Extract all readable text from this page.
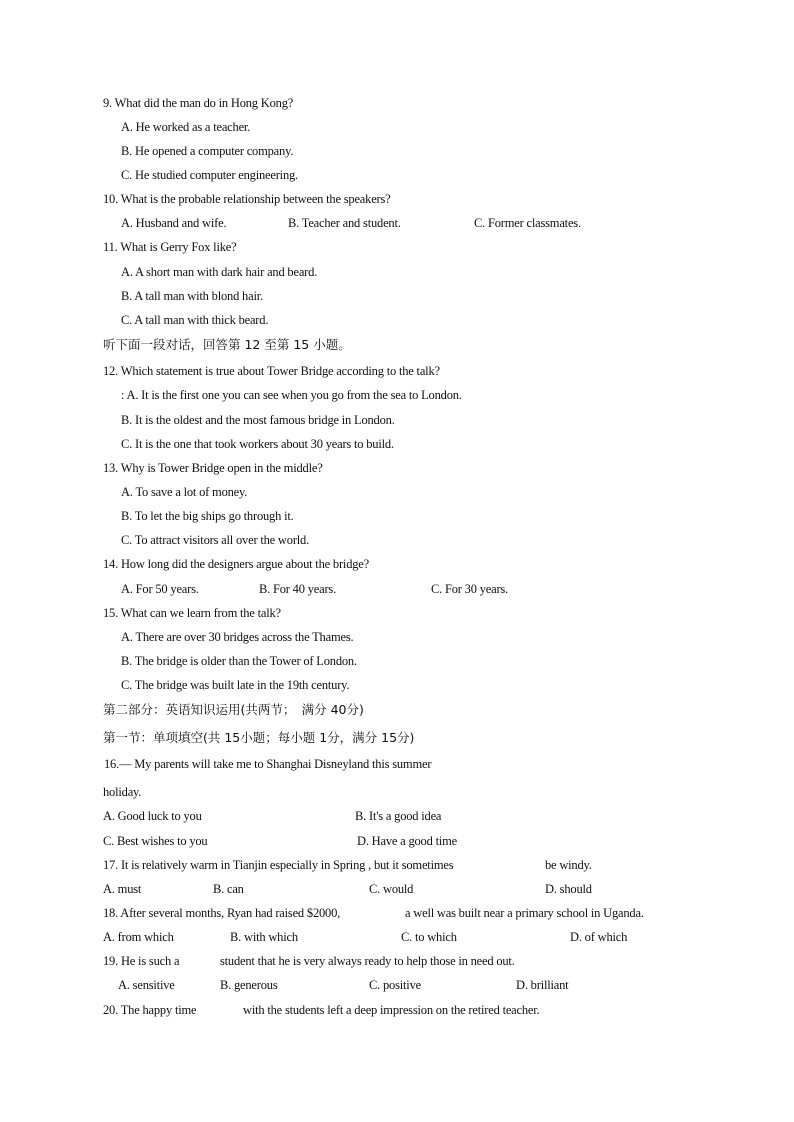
9. What did the man do in Hong Kong?
A. He worked as a teacher.
B. He opened a computer company.
C. He studied computer engineering.
10. What is the probable relationship between the speakers?
A. Husband and wife.	B. Teacher and student.	C. Former classmates.
11. What is Gerry Fox like?
A. A short man with dark hair and beard.
B. A tall man with blond hair.
C. A tall man with thick beard.
听下面一段对话，回答第 12 至第 15 小题。
12. Which statement is true about Tower Bridge according to the talk?
: A. It is the first one you can see when you go from the sea to London.
B. It is the oldest and the most famous bridge in London.
C. It is the one that took workers about 30 years to build.
13. Why is Tower Bridge open in the middle?
A. To save a lot of money.
B. To let the big ships go through it.
C. To attract visitors all over the world.
14. How long did the designers argue about the bridge?
A. For 50 years.	B. For 40 years.	C. For 30 years.
15. What can we learn from the talk?
A. There are over 30 bridges across the Thames.
B. The bridge is older than the Tower of London.
C. The bridge was built late in the 19th century.
第二部分：英语知识运用(共两节；　满分 40分)
第一节：单项填空(共 15小题；每小题 1分，满分 15分)
16.— My parents will take me to Shanghai Disneyland this summer
holiday.
A. Good luck to you	B. It's a good idea
C. Best wishes to you	D. Have a good time
17. It is relatively warm in Tianjin especially in Spring , but it sometimes	be windy.
A. must	B. can	C. would	D. should
18. After several months, Ryan had raised $2000,	a well was built near a primary school in Uganda.
A. from which	B. with which	C. to which	D. of which
19. He is such a	student that he is very always ready to help those in need out.
A. sensitive	B. generous	C. positive	D. brilliant
20. The happy time	with the students left a deep impression on the retired teacher.
